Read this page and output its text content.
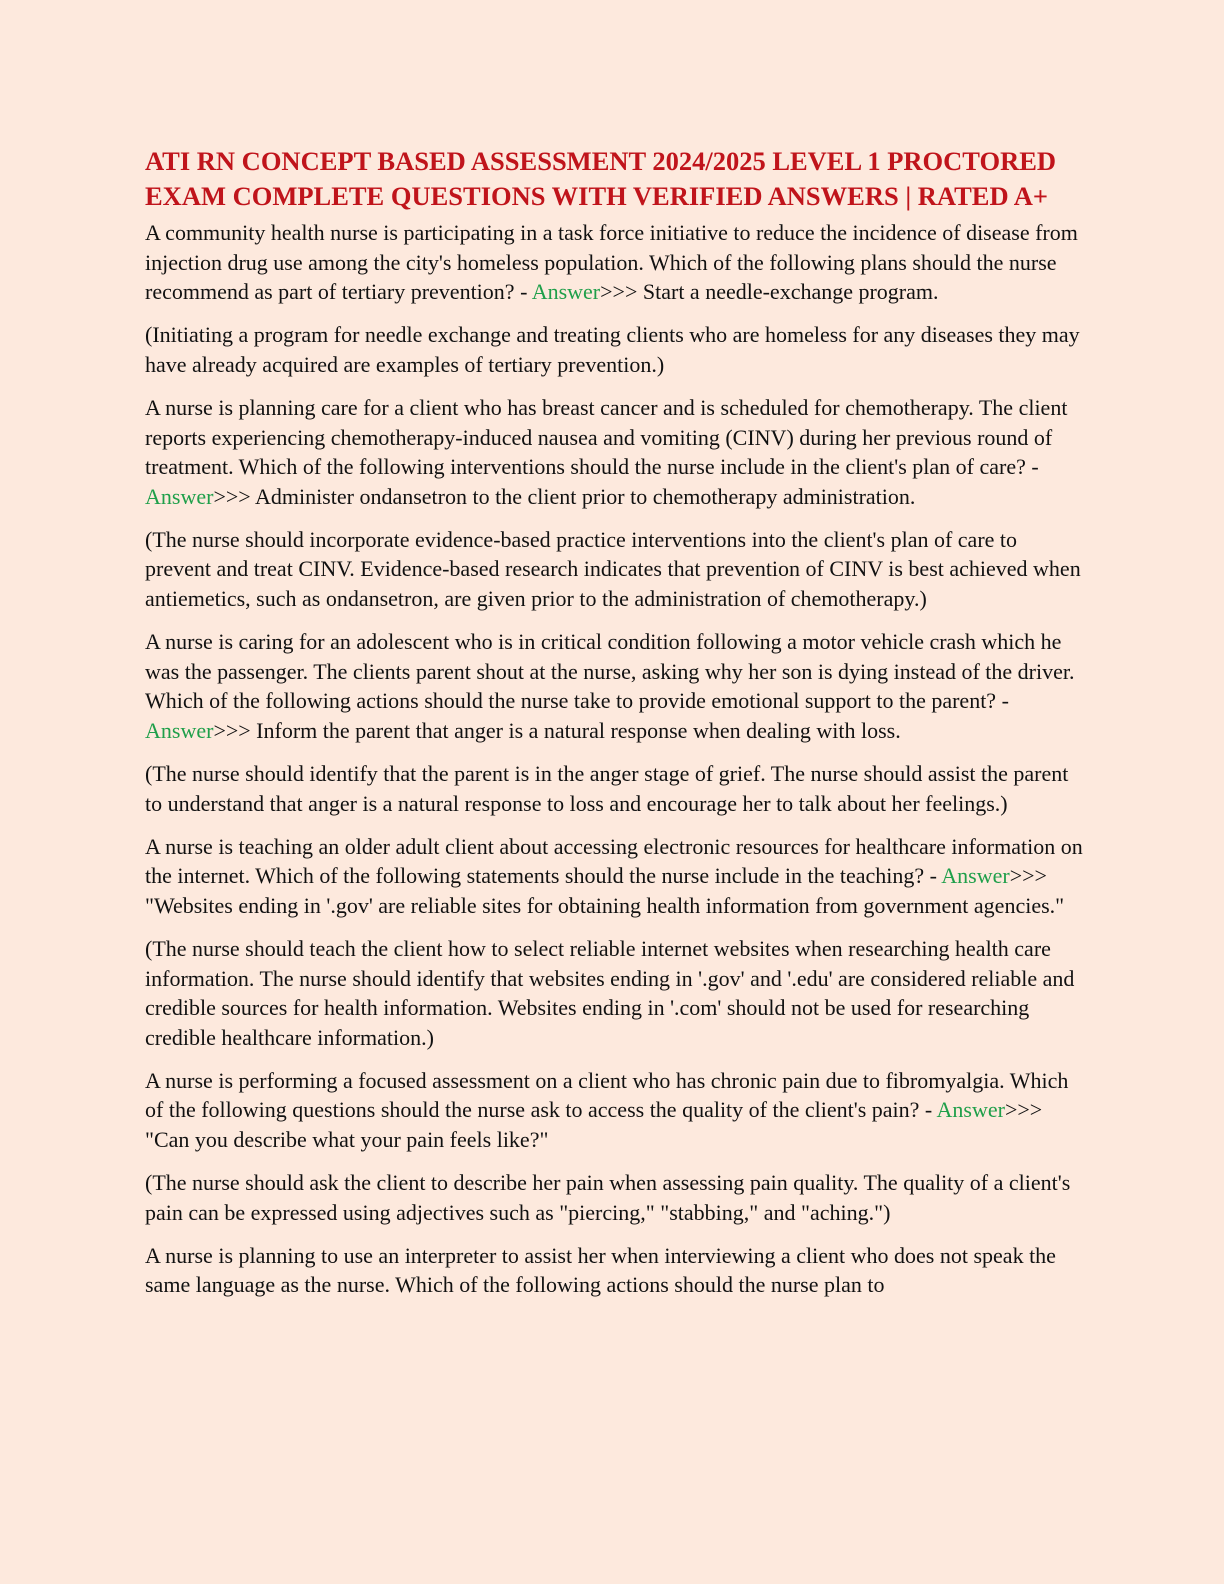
ATI RN CONCEPT BASED ASSESSMENT 2024/2025 LEVEL 1 PROCTORED EXAM COMPLETE QUESTIONS WITH VERIFIED ANSWERS | RATED A+

A community health nurse is participating in a task force initiative to reduce the incidence of disease from injection drug use among the city's homeless population. Which of the following plans should the nurse recommend as part of tertiary prevention? - Answer>>> Start a needle-exchange program.

(Initiating a program for needle exchange and treating clients who are homeless for any diseases they may have already acquired are examples of tertiary prevention.)

A nurse is planning care for a client who has breast cancer and is scheduled for chemotherapy. The client reports experiencing chemotherapy-induced nausea and vomiting (CINV) during her previous round of treatment. Which of the following interventions should the nurse include in the client's plan of care? - Answer>>> Administer ondansetron to the client prior to chemotherapy administration.

(The nurse should incorporate evidence-based practice interventions into the client's plan of care to prevent and treat CINV. Evidence-based research indicates that prevention of CINV is best achieved when antiemetics, such as ondansetron, are given prior to the administration of chemotherapy.)

A nurse is caring for an adolescent who is in critical condition following a motor vehicle crash which he was the passenger. The clients parent shout at the nurse, asking why her son is dying instead of the driver. Which of the following actions should the nurse take to provide emotional support to the parent? - Answer>>> Inform the parent that anger is a natural response when dealing with loss.

(The nurse should identify that the parent is in the anger stage of grief. The nurse should assist the parent to understand that anger is a natural response to loss and encourage her to talk about her feelings.)

A nurse is teaching an older adult client about accessing electronic resources for healthcare information on the internet. Which of the following statements should the nurse include in the teaching? - Answer>>> "Websites ending in '.gov' are reliable sites for obtaining health information from government agencies."

(The nurse should teach the client how to select reliable internet websites when researching health care information. The nurse should identify that websites ending in '.gov' and '.edu' are considered reliable and credible sources for health information. Websites ending in '.com' should not be used for researching credible healthcare information.)

A nurse is performing a focused assessment on a client who has chronic pain due to fibromyalgia. Which of the following questions should the nurse ask to access the quality of the client's pain? - Answer>>> "Can you describe what your pain feels like?"

(The nurse should ask the client to describe her pain when assessing pain quality. The quality of a client's pain can be expressed using adjectives such as "piercing," "stabbing," and "aching.")

A nurse is planning to use an interpreter to assist her when interviewing a client who does not speak the same language as the nurse. Which of the following actions should the nurse plan to
